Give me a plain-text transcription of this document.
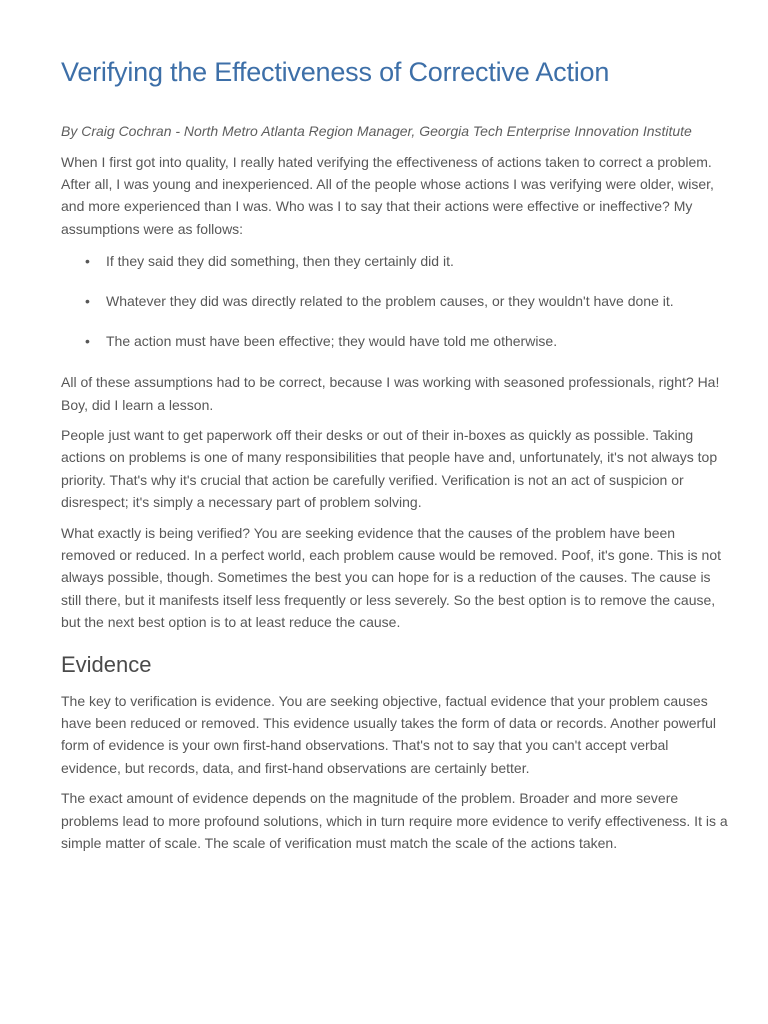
Verifying the Effectiveness of Corrective Action

By Craig Cochran - North Metro Atlanta Region Manager, Georgia Tech Enterprise Innovation Institute

When I first got into quality, I really hated verifying the effectiveness of actions taken to correct a problem. After all, I was young and inexperienced. All of the people whose actions I was verifying were older, wiser, and more experienced than I was. Who was I to say that their actions were effective or ineffective? My assumptions were as follows:

• If they said they did something, then they certainly did it.
• Whatever they did was directly related to the problem causes, or they wouldn't have done it.
• The action must have been effective; they would have told me otherwise.

All of these assumptions had to be correct, because I was working with seasoned professionals, right? Ha! Boy, did I learn a lesson.

People just want to get paperwork off their desks or out of their in-boxes as quickly as possible. Taking actions on problems is one of many responsibilities that people have and, unfortunately, it's not always top priority. That's why it's crucial that action be carefully verified. Verification is not an act of suspicion or disrespect; it's simply a necessary part of problem solving.

What exactly is being verified? You are seeking evidence that the causes of the problem have been removed or reduced. In a perfect world, each problem cause would be removed. Poof, it's gone. This is not always possible, though. Sometimes the best you can hope for is a reduction of the causes. The cause is still there, but it manifests itself less frequently or less severely. So the best option is to remove the cause, but the next best option is to at least reduce the cause.

Evidence

The key to verification is evidence. You are seeking objective, factual evidence that your problem causes have been reduced or removed. This evidence usually takes the form of data or records. Another powerful form of evidence is your own first-hand observations. That's not to say that you can't accept verbal evidence, but records, data, and first-hand observations are certainly better.

The exact amount of evidence depends on the magnitude of the problem. Broader and more severe problems lead to more profound solutions, which in turn require more evidence to verify effectiveness. It is a simple matter of scale. The scale of verification must match the scale of the actions taken.
